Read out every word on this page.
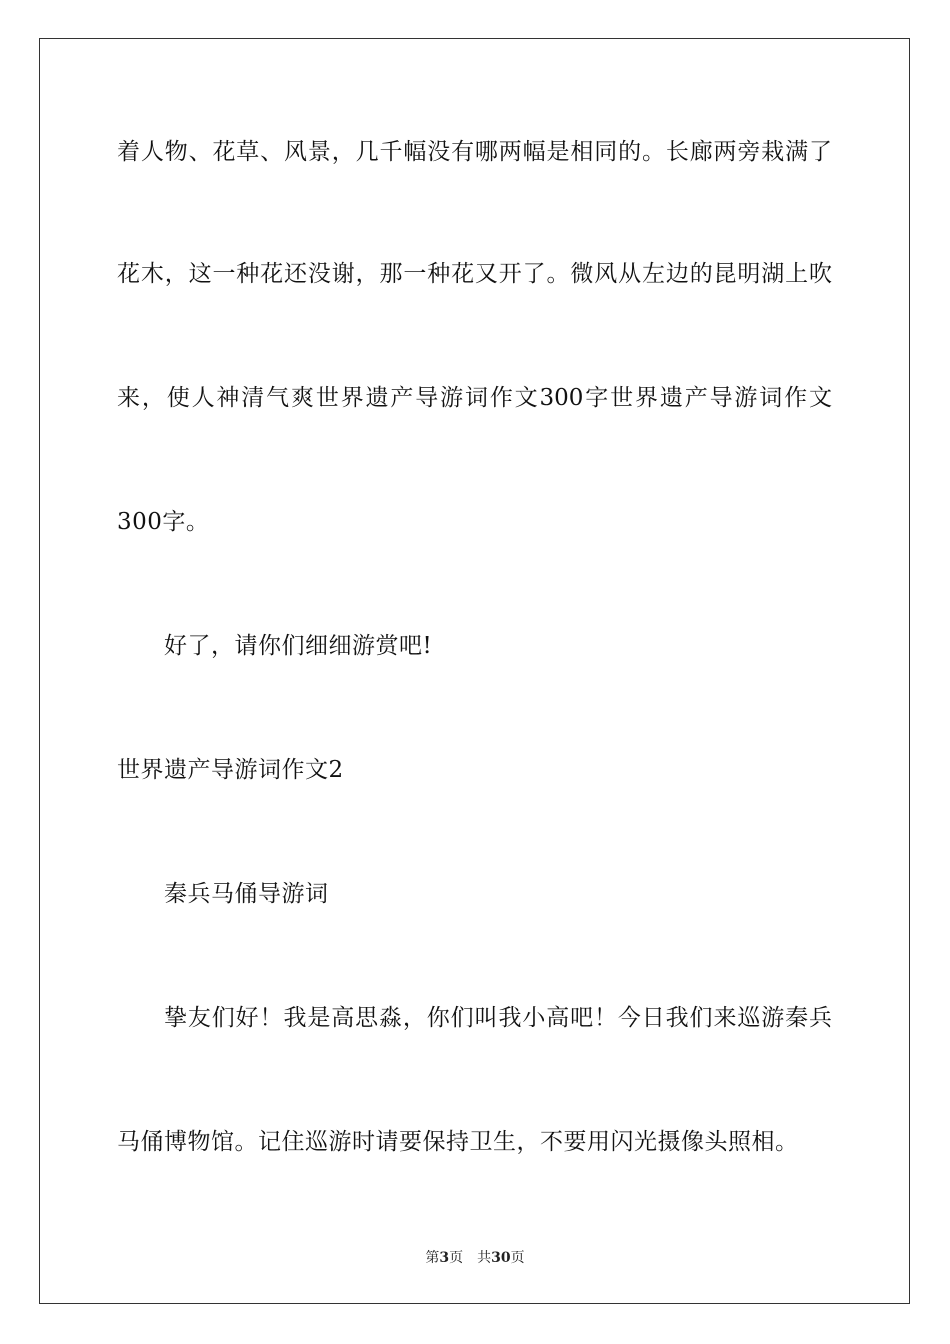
着人物、花草、风景，几千幅没有哪两幅是相同的。长廊两旁栽满了
花木，这一种花还没谢，那一种花又开了。微风从左边的昆明湖上吹
来，使人神清气爽世界遗产导游词作文300字世界遗产导游词作文
300字。
好了，请你们细细游赏吧!
世界遗产导游词作文2
秦兵马俑导游词
挚友们好！我是高思淼，你们叫我小高吧！今日我们来巡游秦兵
马俑博物馆。记住巡游时请要保持卫生，不要用闪光摄像头照相。
第3页 共30页
